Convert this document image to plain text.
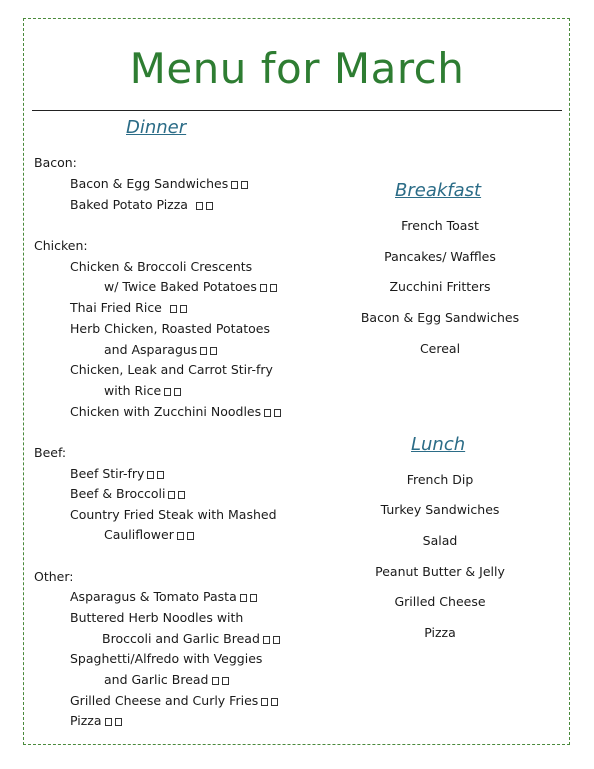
Menu for March
Dinner
Bacon:
Bacon & Egg Sandwiches
Baked Potato Pizza
Chicken:
Chicken & Broccoli Crescents
w/ Twice Baked Potatoes
Thai Fried Rice
Herb Chicken, Roasted Potatoes
and Asparagus
Chicken, Leak and Carrot Stir-fry
with Rice
Chicken with Zucchini Noodles
Beef:
Beef Stir-fry
Beef & Broccoli
Country Fried Steak with Mashed
Cauliflower
Other:
Asparagus & Tomato Pasta
Buttered Herb Noodles with
Broccoli and Garlic Bread
Spaghetti/Alfredo with Veggies
and Garlic Bread
Grilled Cheese and Curly Fries
Pizza
Breakfast
French Toast
Pancakes/ Waffles
Zucchini Fritters
Bacon & Egg Sandwiches
Cereal
Lunch
French Dip
Turkey Sandwiches
Salad
Peanut Butter & Jelly
Grilled Cheese
Pizza
